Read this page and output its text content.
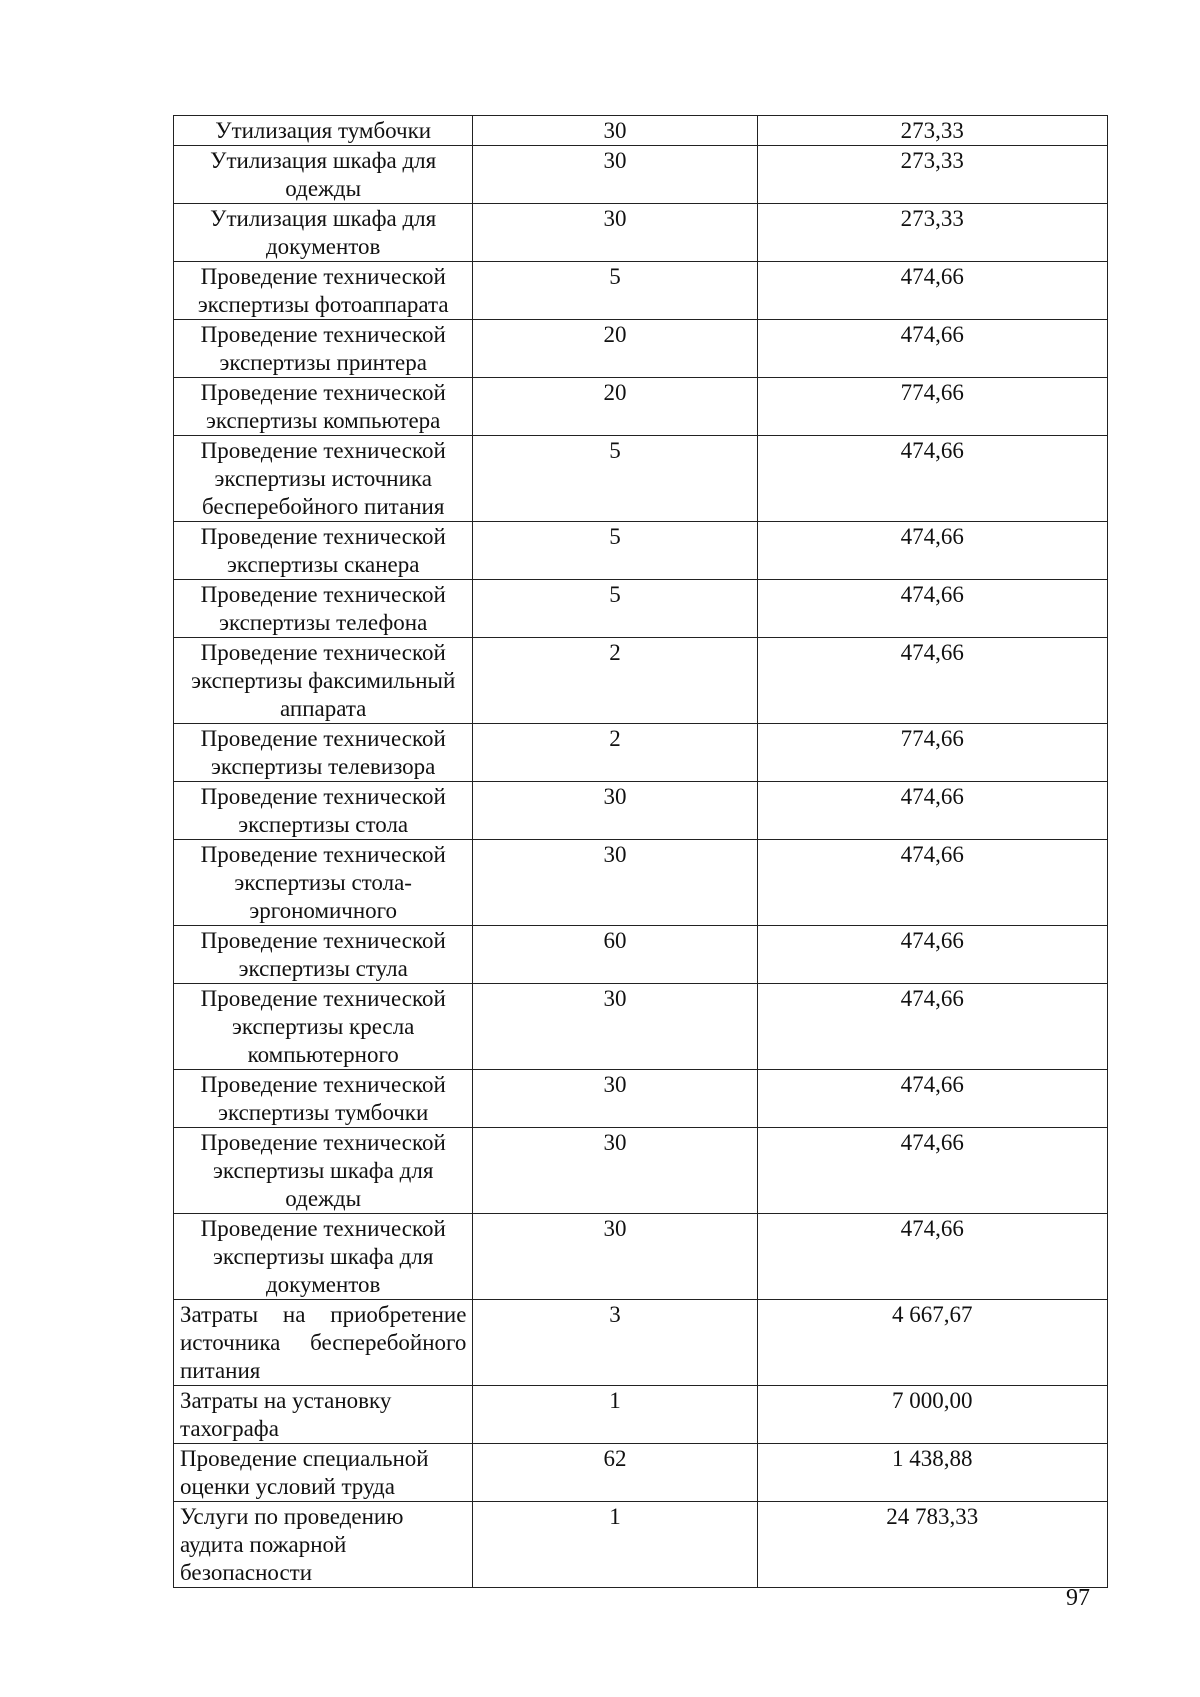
Утилизация тумбочки	30	273,33
Утилизация шкафа для одежды	30	273,33
Утилизация шкафа для документов	30	273,33
Проведение технической экспертизы фотоаппарата	5	474,66
Проведение технической экспертизы принтера	20	474,66
Проведение технической экспертизы компьютера	20	774,66
Проведение технической экспертизы источника бесперебойного питания	5	474,66
Проведение технической экспертизы сканера	5	474,66
Проведение технической экспертизы телефона	5	474,66
Проведение технической экспертизы факсимильный аппарата	2	474,66
Проведение технической экспертизы телевизора	2	774,66
Проведение технической экспертизы стола	30	474,66
Проведение технической экспертизы стола-эргономичного	30	474,66
Проведение технической экспертизы стула	60	474,66
Проведение технической экспертизы кресла компьютерного	30	474,66
Проведение технической экспертизы тумбочки	30	474,66
Проведение технической экспертизы шкафа для одежды	30	474,66
Проведение технической экспертизы шкафа для документов	30	474,66
Затраты на приобретение источника бесперебойного питания	3	4 667,67
Затраты на установку тахографа	1	7 000,00
Проведение специальной оценки условий труда	62	1 438,88
Услуги по проведению аудита пожарной безопасности	1	24 783,33
97
